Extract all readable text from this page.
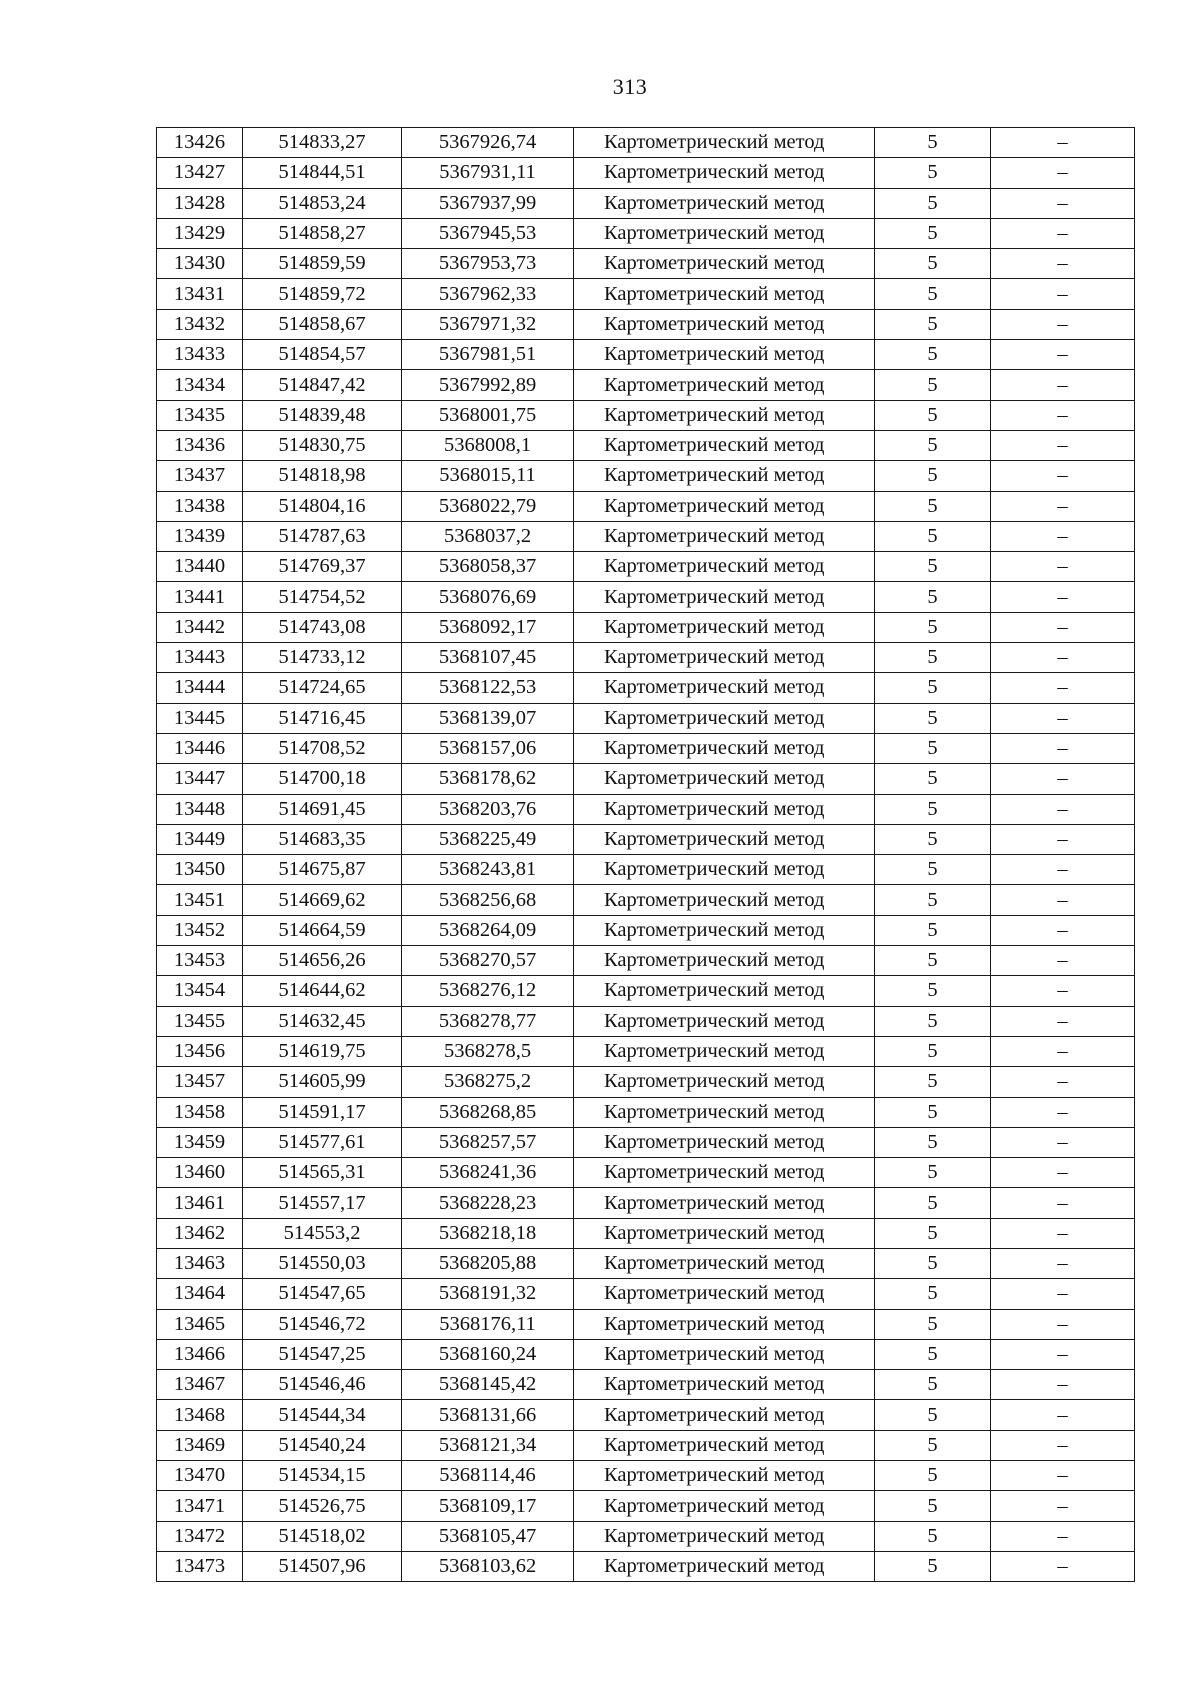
313
13426	514833,27	5367926,74	Картометрический метод	5	–
13427	514844,51	5367931,11	Картометрический метод	5	–
13428	514853,24	5367937,99	Картометрический метод	5	–
13429	514858,27	5367945,53	Картометрический метод	5	–
13430	514859,59	5367953,73	Картометрический метод	5	–
13431	514859,72	5367962,33	Картометрический метод	5	–
13432	514858,67	5367971,32	Картометрический метод	5	–
13433	514854,57	5367981,51	Картометрический метод	5	–
13434	514847,42	5367992,89	Картометрический метод	5	–
13435	514839,48	5368001,75	Картометрический метод	5	–
13436	514830,75	5368008,1	Картометрический метод	5	–
13437	514818,98	5368015,11	Картометрический метод	5	–
13438	514804,16	5368022,79	Картометрический метод	5	–
13439	514787,63	5368037,2	Картометрический метод	5	–
13440	514769,37	5368058,37	Картометрический метод	5	–
13441	514754,52	5368076,69	Картометрический метод	5	–
13442	514743,08	5368092,17	Картометрический метод	5	–
13443	514733,12	5368107,45	Картометрический метод	5	–
13444	514724,65	5368122,53	Картометрический метод	5	–
13445	514716,45	5368139,07	Картометрический метод	5	–
13446	514708,52	5368157,06	Картометрический метод	5	–
13447	514700,18	5368178,62	Картометрический метод	5	–
13448	514691,45	5368203,76	Картометрический метод	5	–
13449	514683,35	5368225,49	Картометрический метод	5	–
13450	514675,87	5368243,81	Картометрический метод	5	–
13451	514669,62	5368256,68	Картометрический метод	5	–
13452	514664,59	5368264,09	Картометрический метод	5	–
13453	514656,26	5368270,57	Картометрический метод	5	–
13454	514644,62	5368276,12	Картометрический метод	5	–
13455	514632,45	5368278,77	Картометрический метод	5	–
13456	514619,75	5368278,5	Картометрический метод	5	–
13457	514605,99	5368275,2	Картометрический метод	5	–
13458	514591,17	5368268,85	Картометрический метод	5	–
13459	514577,61	5368257,57	Картометрический метод	5	–
13460	514565,31	5368241,36	Картометрический метод	5	–
13461	514557,17	5368228,23	Картометрический метод	5	–
13462	514553,2	5368218,18	Картометрический метод	5	–
13463	514550,03	5368205,88	Картометрический метод	5	–
13464	514547,65	5368191,32	Картометрический метод	5	–
13465	514546,72	5368176,11	Картометрический метод	5	–
13466	514547,25	5368160,24	Картометрический метод	5	–
13467	514546,46	5368145,42	Картометрический метод	5	–
13468	514544,34	5368131,66	Картометрический метод	5	–
13469	514540,24	5368121,34	Картометрический метод	5	–
13470	514534,15	5368114,46	Картометрический метод	5	–
13471	514526,75	5368109,17	Картометрический метод	5	–
13472	514518,02	5368105,47	Картометрический метод	5	–
13473	514507,96	5368103,62	Картометрический метод	5	–
